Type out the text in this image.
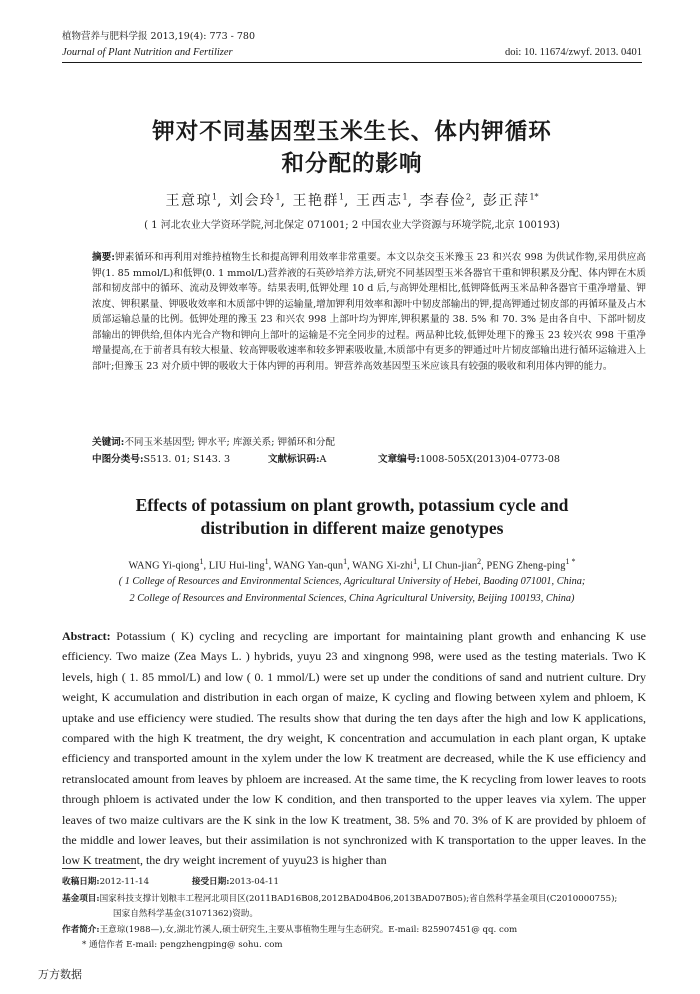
植物营养与肥料学报 2013,19(4): 773 - 780
Journal of Plant Nutrition and Fertilizer	doi: 10. 11674/zwyf. 2013. 0401
钾对不同基因型玉米生长、体内钾循环
和分配的影响
王意琼$^1$, 刘会玲$^1$, 王艳群$^1$, 王西志$^1$, 李春俭$^2$, 彭正萍$^{1*}$
( 1 河北农业大学资环学院,河北保定 071001; 2 中国农业大学资源与环境学院,北京 100193)
摘要:钾素循环和再利用对维持植物生长和提高钾利用效率非常重要。本文以杂交玉米豫玉 23 和兴农 998 为供试作物,采用供应高钾(1. 85 mmol/L)和低钾(0. 1 mmol/L)营养液的石英砂培养方法,研究不同基因型玉米各器官干重和钾积累及分配、体内钾在木质部和韧皮部中的循环、流动及钾效率等。结果表明,低钾处理 10 d 后,与高钾处理相比,低钾降低两玉米品种各器官干重净增量、钾浓度、钾积累量、钾吸收效率和木质部中钾的运输量,增加钾利用效率和源叶中韧皮部输出的钾,提高钾通过韧皮部的再循环量及占木质部运输总量的比例。低钾处理的豫玉 23 和兴农 998 上部叶均为钾库,钾积累量的 38. 5% 和 70. 3% 是由各自中、下部叶韧皮部输出的钾供给,但体内光合产物和钾向上部叶的运输是不完全同步的过程。两品种比较,低钾处理下的豫玉 23 较兴农 998 干重净增量提高,在于前者具有较大根量、较高钾吸收速率和较多钾素吸收量,木质部中有更多的钾通过叶片韧皮部输出进行循环运输进入上部叶;但豫玉 23 对介质中钾的吸收大于体内钾的再利用。钾营养高效基因型玉米应该具有较强的吸收和利用体内钾的能力。
关键词:不同玉米基因型; 钾水平; 库源关系; 钾循环和分配
中图分类号:S513. 01; S143. 3	文献标识码:A	文章编号:1008-505X(2013)04-0773-08
Effects of potassium on plant growth, potassium cycle and
distribution in different maize genotypes
WANG Yi-qiong$^1$, LIU Hui-ling$^1$, WANG Yan-qun$^1$, WANG Xi-zhi$^1$, LI Chun-jian$^2$, PENG Zheng-ping$^{1 *}$
( 1 College of Resources and Environmental Sciences, Agricultural University of Hebei, Baoding 071001, China;
2 College of Resources and Environmental Sciences, China Agricultural University, Beijing 100193, China)
Abstract: Potassium ( K) cycling and recycling are important for maintaining plant growth and enhancing K use efficiency. Two maize (Zea Mays L. ) hybrids, yuyu 23 and xingnong 998, were used as the testing materials. Two K levels, high ( 1. 85 mmol/L) and low ( 0. 1 mmol/L) were set up under the conditions of sand and nutrient culture. Dry weight, K accumulation and distribution in each organ of maize, K cycling and flowing between xylem and phloem, K uptake and use efficiency were studied. The results show that during the ten days after the high and low K applications, compared with the high K treatment, the dry weight, K concentration and accumulation in each plant organ, K uptake efficiency and transported amount in the xylem under the low K treatment are decreased, while the K use efficiency and retranslocated amount from leaves by phloem are increased. At the same time, the K recycling from lower leaves to roots through phloem is activated under the low K condition, and then transported to the upper leaves via xylem. The upper leaves of two maize cultivars are the K sink in the low K treatment, 38. 5% and 70. 3% of K are provided by phloem of the middle and lower leaves, but their assimilation is not synchronized with K transportation to the upper leaves. In the low K treatment, the dry weight increment of yuyu23 is higher than
收稿日期:2012-11-14	接受日期:2013-04-11
基金项目:国家科技支撑计划粮丰工程河北项目区(2011BAD16B08,2012BAD04B06,2013BAD07B05);省自然科学基金项目(C2010000755);
国家自然科学基金(31071362)资助。
作者简介:王意琼(1988—),女,湖北竹溪人,硕士研究生,主要从事植物生理与生态研究。E-mail: 825907451@ qq. com
* 通信作者 E-mail: pengzhengping@ sohu. com
万方数据
